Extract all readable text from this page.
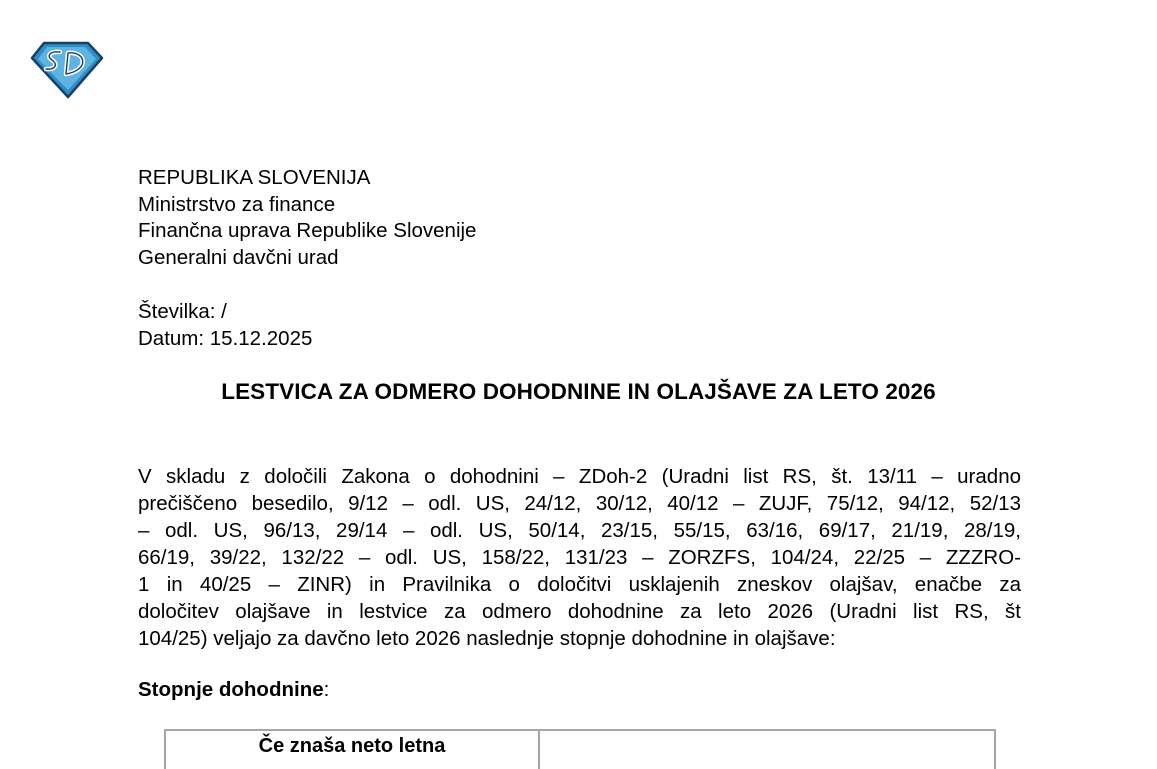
REPUBLIKA SLOVENIJA
Ministrstvo za finance
Finančna uprava Republike Slovenije
Generalni davčni urad
Številka: /
Datum: 15.12.2025
LESTVICA ZA ODMERO DOHODNINE IN OLAJŠAVE ZA LETO 2026
V skladu z določili Zakona o dohodnini – ZDoh-2 (Uradni list RS, št. 13/11 – uradno
prečiščeno besedilo, 9/12 – odl. US, 24/12, 30/12, 40/12 – ZUJF, 75/12, 94/12, 52/13
– odl. US, 96/13, 29/14 – odl. US, 50/14, 23/15, 55/15, 63/16, 69/17, 21/19, 28/19,
66/19, 39/22, 132/22 – odl. US, 158/22, 131/23 – ZORZFS, 104/24, 22/25 – ZZZRO-
1 in 40/25 – ZINR) in Pravilnika o določitvi usklajenih zneskov olajšav, enačbe za
določitev olajšave in lestvice za odmero dohodnine za leto 2026 (Uradni list RS, št
104/25) veljajo za davčno leto 2026 naslednje stopnje dohodnine in olajšave:
Stopnje dohodnine:
Če znaša neto letna
